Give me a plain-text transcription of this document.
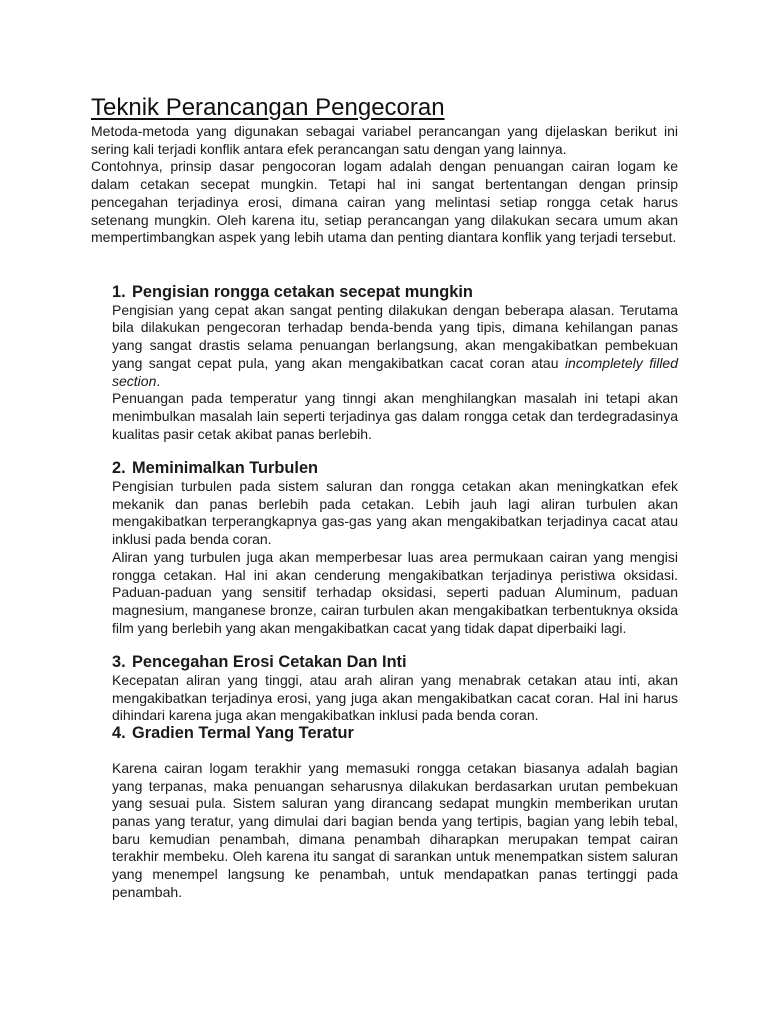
Teknik Perancangan Pengecoran

Metoda-metoda yang digunakan sebagai variabel perancangan yang dijelaskan berikut ini sering kali terjadi konflik antara efek perancangan satu dengan yang lainnya.

Contohnya, prinsip dasar pengocoran logam adalah dengan penuangan cairan logam ke dalam cetakan secepat mungkin. Tetapi hal ini sangat bertentangan dengan prinsip pencegahan terjadinya erosi, dimana cairan yang melintasi setiap rongga cetak harus setenang mungkin. Oleh karena itu, setiap perancangan yang dilakukan secara umum akan mempertimbangkan aspek yang lebih utama dan penting diantara konflik yang terjadi tersebut.

1. Pengisian rongga cetakan secepat mungkin

Pengisian yang cepat akan sangat penting dilakukan dengan beberapa alasan. Terutama bila dilakukan pengecoran terhadap benda-benda yang tipis, dimana kehilangan panas yang sangat drastis selama penuangan berlangsung, akan mengakibatkan pembekuan yang sangat cepat pula, yang akan mengakibatkan cacat coran atau incompletely filled section.

Penuangan pada temperatur yang tinngi akan menghilangkan masalah ini tetapi akan menimbulkan masalah lain seperti terjadinya gas dalam rongga cetak dan terdegradasinya kualitas pasir cetak akibat panas berlebih.

2. Meminimalkan Turbulen

Pengisian turbulen pada sistem saluran dan rongga cetakan akan meningkatkan efek mekanik dan panas berlebih pada cetakan. Lebih jauh lagi aliran turbulen akan mengakibatkan terperangkapnya gas-gas yang akan mengakibatkan terjadinya cacat atau inklusi pada benda coran.

Aliran yang turbulen juga akan memperbesar luas area permukaan cairan yang mengisi rongga cetakan. Hal ini akan cenderung mengakibatkan terjadinya peristiwa oksidasi. Paduan-paduan yang sensitif terhadap oksidasi, seperti paduan Aluminum, paduan magnesium, manganese bronze, cairan turbulen akan mengakibatkan terbentuknya oksida film yang berlebih yang akan mengakibatkan cacat yang tidak dapat diperbaiki lagi.

3. Pencegahan Erosi Cetakan Dan Inti

Kecepatan aliran yang tinggi, atau arah aliran yang menabrak cetakan atau inti, akan mengakibatkan terjadinya erosi, yang juga akan mengakibatkan cacat coran. Hal ini harus dihindari karena juga akan mengakibatkan inklusi pada benda coran.

4. Gradien Termal Yang Teratur

Karena cairan logam terakhir yang memasuki rongga cetakan biasanya adalah bagian yang terpanas, maka penuangan seharusnya dilakukan berdasarkan urutan pembekuan yang sesuai pula. Sistem saluran yang dirancang sedapat mungkin memberikan urutan panas yang teratur, yang dimulai dari bagian benda yang tertipis, bagian yang lebih tebal, baru kemudian penambah, dimana penambah diharapkan merupakan tempat cairan terakhir membeku. Oleh karena itu sangat di sarankan untuk menempatkan sistem saluran yang menempel langsung ke penambah, untuk mendapatkan panas tertinggi pada penambah.
